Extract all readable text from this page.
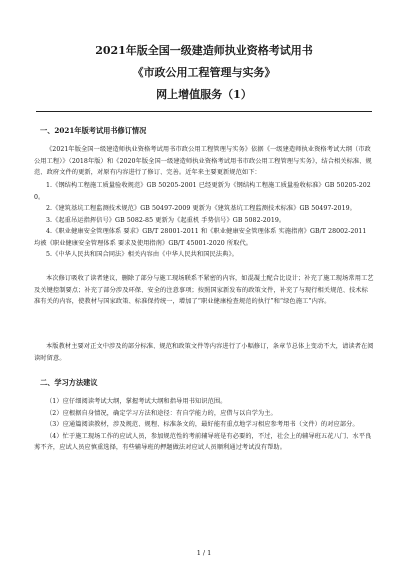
2021年版全国一级建造师执业资格考试用书
《市政公用工程管理与实务》
网上增值服务（1）
一、2021年版考试用书修订情况
《2021年版全国一级建造师执业资格考试用书市政公用工程管理与实务》依据《一级建造师执业资格考试大纲（市政公用工程）》（2018年版）和《2020年版全国一级建造师执业资格考试用书市政公用工程管理与实务》，结合相关标准、规范、政府文件的更新，对原有内容进行了修订、完善。近年来主要更新规范如下：
1.《钢结构工程施工质量验收规范》GB 50205-2001 已经更新为《钢结构工程施工质量验收标准》GB 50205-2020。
2.《建筑基坑工程监测技术规范》GB 50497-2009 更新为《建筑基坑工程监测技术标准》GB 50497-2019。
3.《起重吊运指挥信号》GB 5082-85 更新为《起重机 手势信号》GB 5082-2019。
4.《职业健康安全管理体系 要求》GB/T 28001-2011 和《职业健康安全管理体系 实施指南》GB/T 28002-2011 均被《职业健康安全管理体系 要求及使用指南》GB/T 45001-2020 所取代。
5.《中华人民共和国合同法》相关内容由《中华人民共和国民法典》。
本次修订吸收了读者建议，删除了部分与施工现场联系不紧密的内容，如混凝土配合比设计；补充了施工现场常用工艺及关键控制要点；补充了部分涉及环保、安全的注意事项；按照国家新发布的政策文件，补充了与现行相关规范、技术标准有关的内容，使教材与国家政策、标准保持统一，增加了“职业健康检查规范的执行”和“绿色施工”内容。
本版教材主要对正文中涉及的部分标准、规范和政策文件等内容进行了小幅修订，条章节总体上变动不大，请读者在阅读时留意。
二、学习方法建议
（1）应仔细阅读考试大纲，掌握考试大纲和指导用书知识范围。
（2）应根据自身情况，确定学习方法和途径：有自学能力的，应借与以自学为主。
（3）应通篇阅读教材，涉及规范、规程、标准条文的，最好能有重点地学习相应参考用书（文件）的对应部分。
（4）忙于施工现场工作的应试人员，参加规范性的考前辅导班是有必要的，不过，社会上的辅导班五花八门、水平良莠不齐，应试人员应慎重选择，有些辅导班的押题做法对应试人员顺利通过考试没有帮助。
1 / 1
